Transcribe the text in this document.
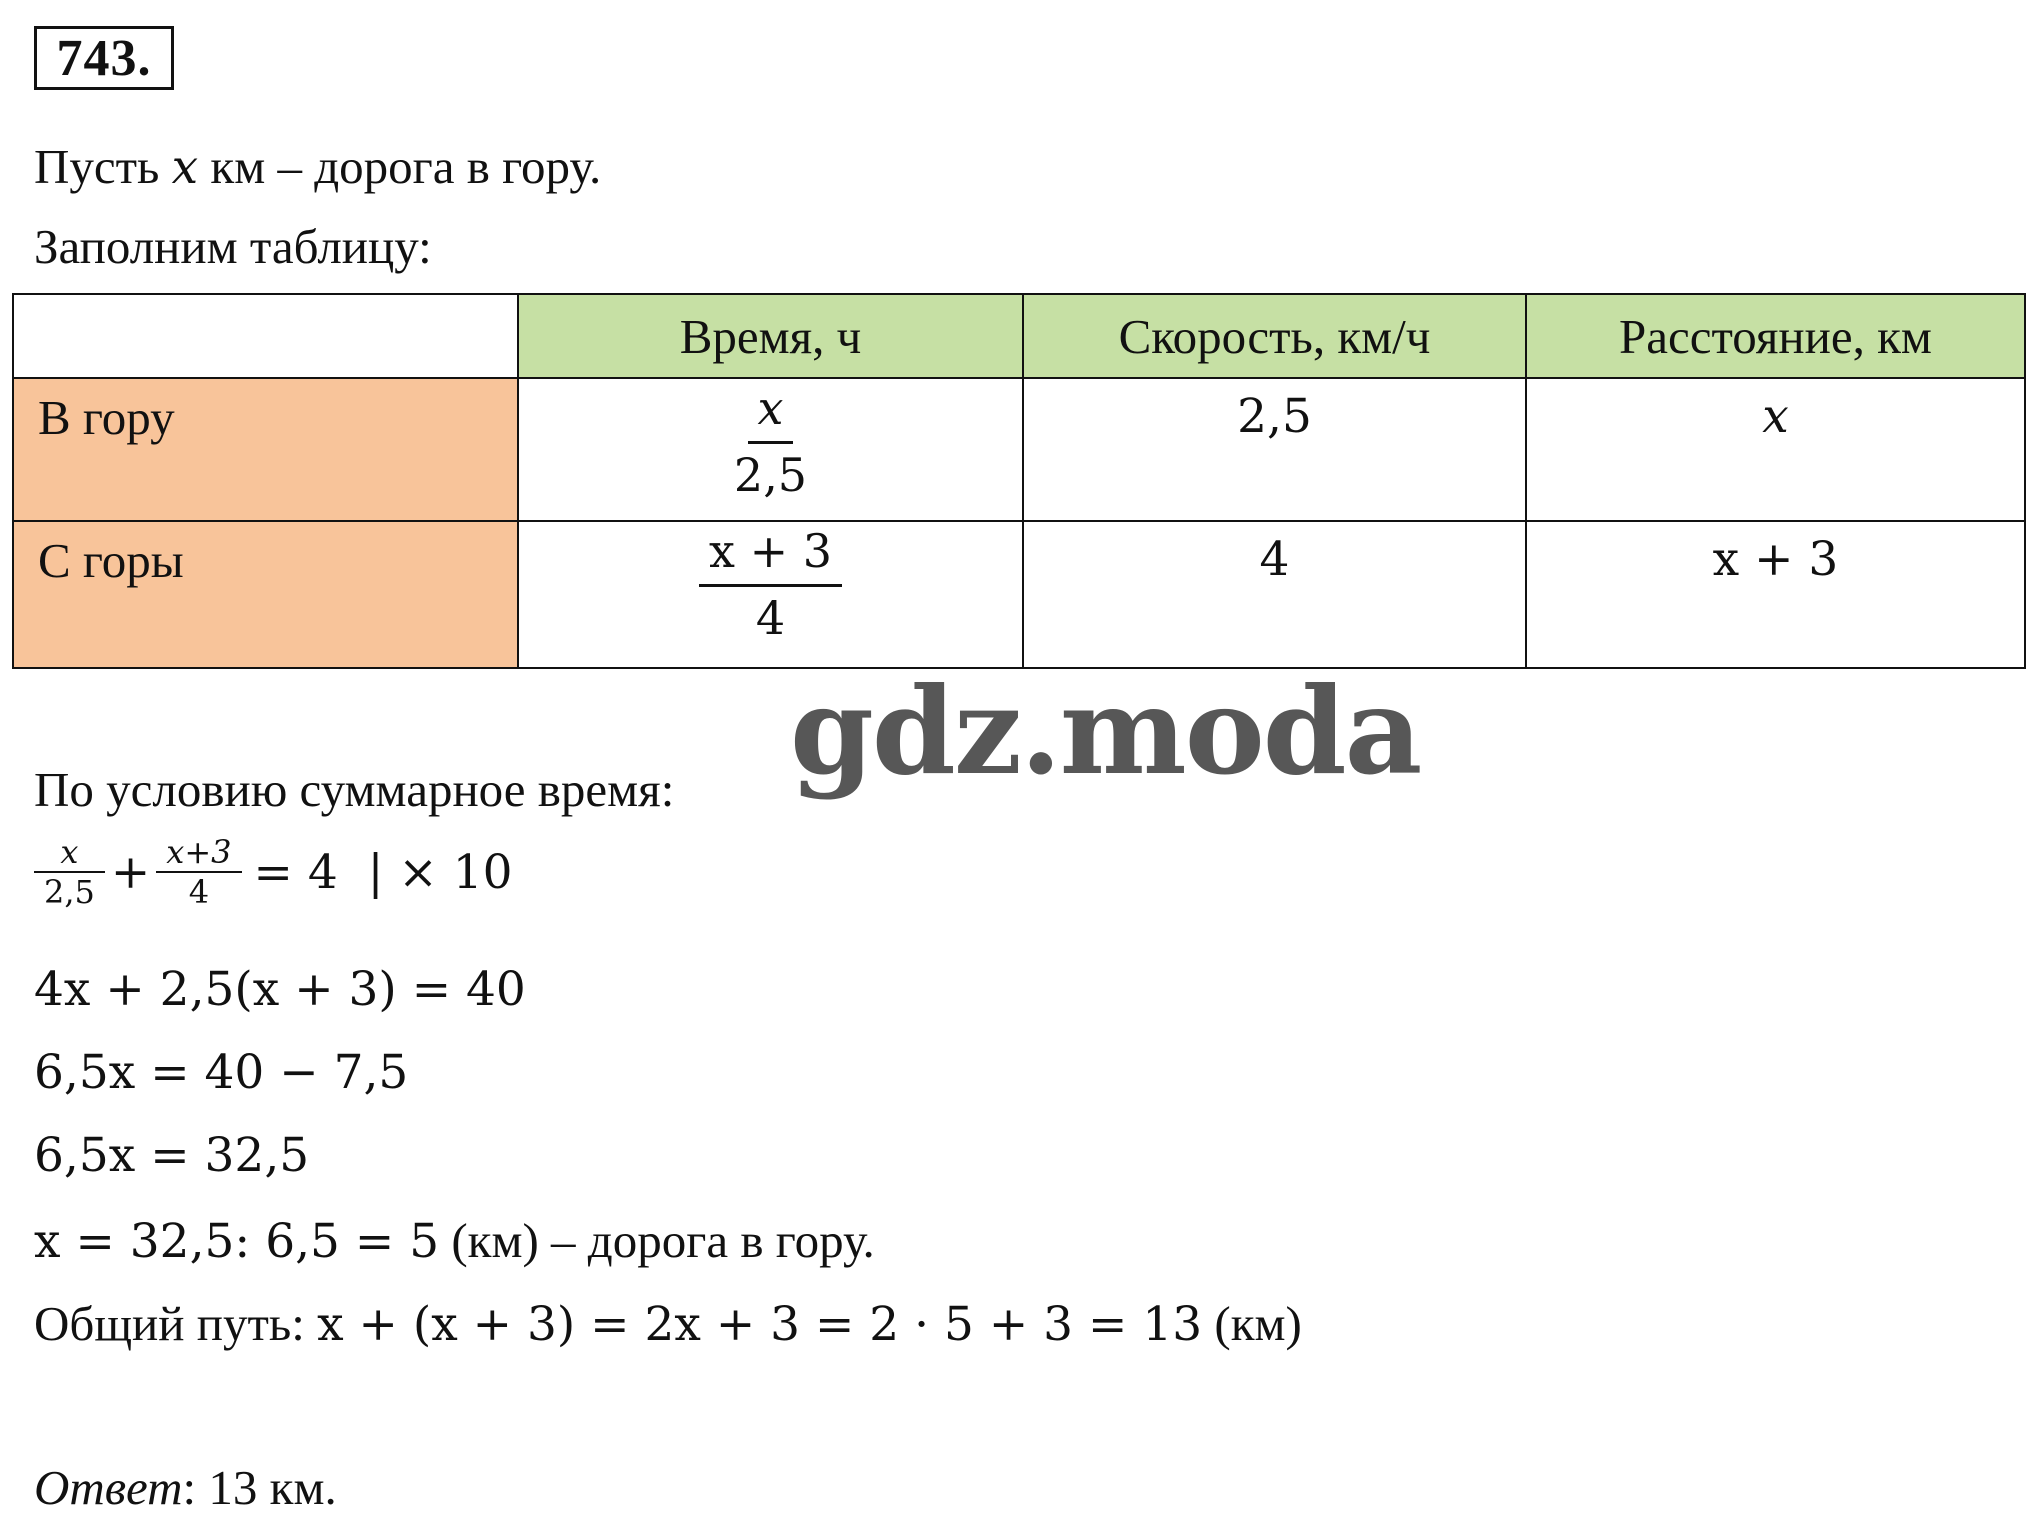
743.
Пусть x км – дорога в гору.
Заполним таблицу:
	Время, ч	Скорость, км/ч	Расстояние, км

В гору	$\frac{x}{2,5}$	2,5	x

С горы	$\frac{x + 3}{4}$	4	x + 3
gdz.moda
По условию суммарное время:
$\frac{x}{2,5} + \frac{x+3}{4} = 4$  | × 10
4x + 2,5(x + 3) = 40
6,5x = 40 − 7,5
6,5x = 32,5
x = 32,5: 6,5 = 5 (км) – дорога в гору.
Общий путь: x + (x + 3) = 2x + 3 = 2 · 5 + 3 = 13 (км)
Ответ: 13 км.
